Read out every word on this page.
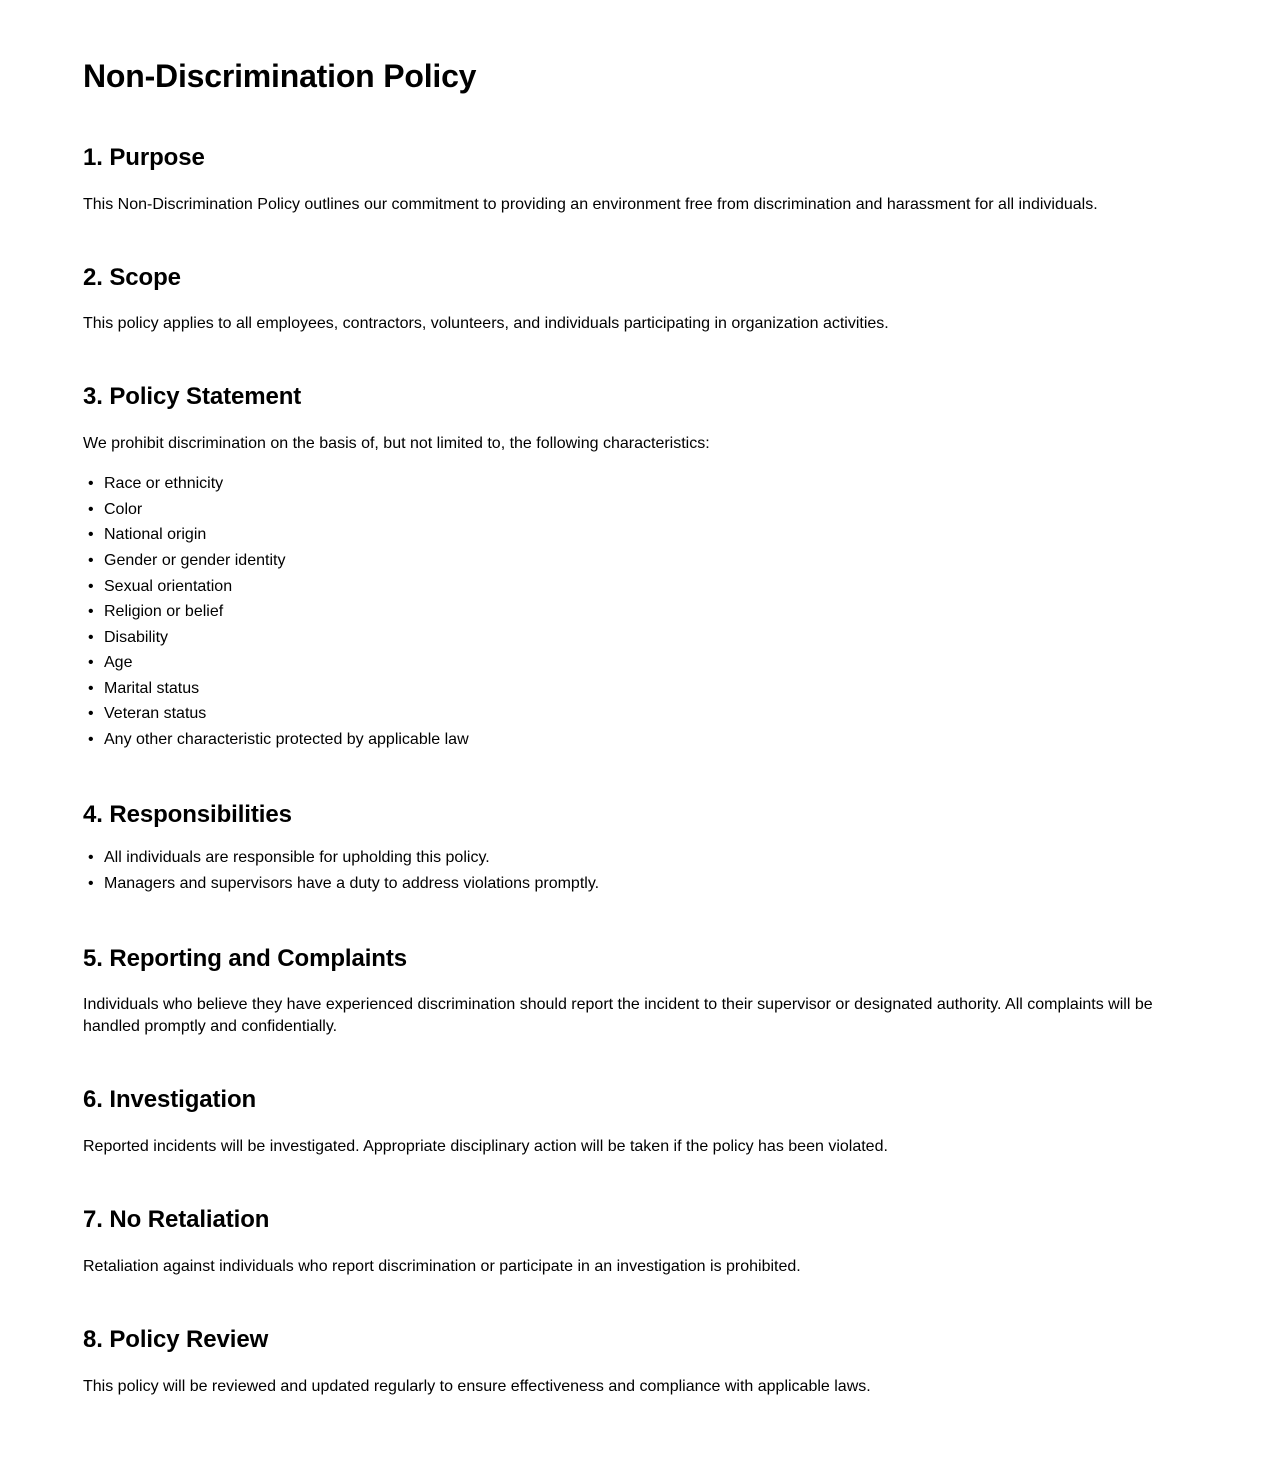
Non-Discrimination Policy
1. Purpose

This Non-Discrimination Policy outlines our commitment to providing an environment free from discrimination and harassment for all individuals.

2. Scope

This policy applies to all employees, contractors, volunteers, and individuals participating in organization activities.

3. Policy Statement

We prohibit discrimination on the basis of, but not limited to, the following characteristics:

• Race or ethnicity
• Color
• National origin
• Gender or gender identity
• Sexual orientation
• Religion or belief
• Disability
• Age
• Marital status
• Veteran status
• Any other characteristic protected by applicable law
4. Responsibilities
• All individuals are responsible for upholding this policy.
• Managers and supervisors have a duty to address violations promptly.
5. Reporting and Complaints

Individuals who believe they have experienced discrimination should report the incident to their supervisor or designated authority. All complaints will be handled promptly and confidentially.

6. Investigation

Reported incidents will be investigated. Appropriate disciplinary action will be taken if the policy has been violated.

7. No Retaliation

Retaliation against individuals who report discrimination or participate in an investigation is prohibited.

8. Policy Review

This policy will be reviewed and updated regularly to ensure effectiveness and compliance with applicable laws.
